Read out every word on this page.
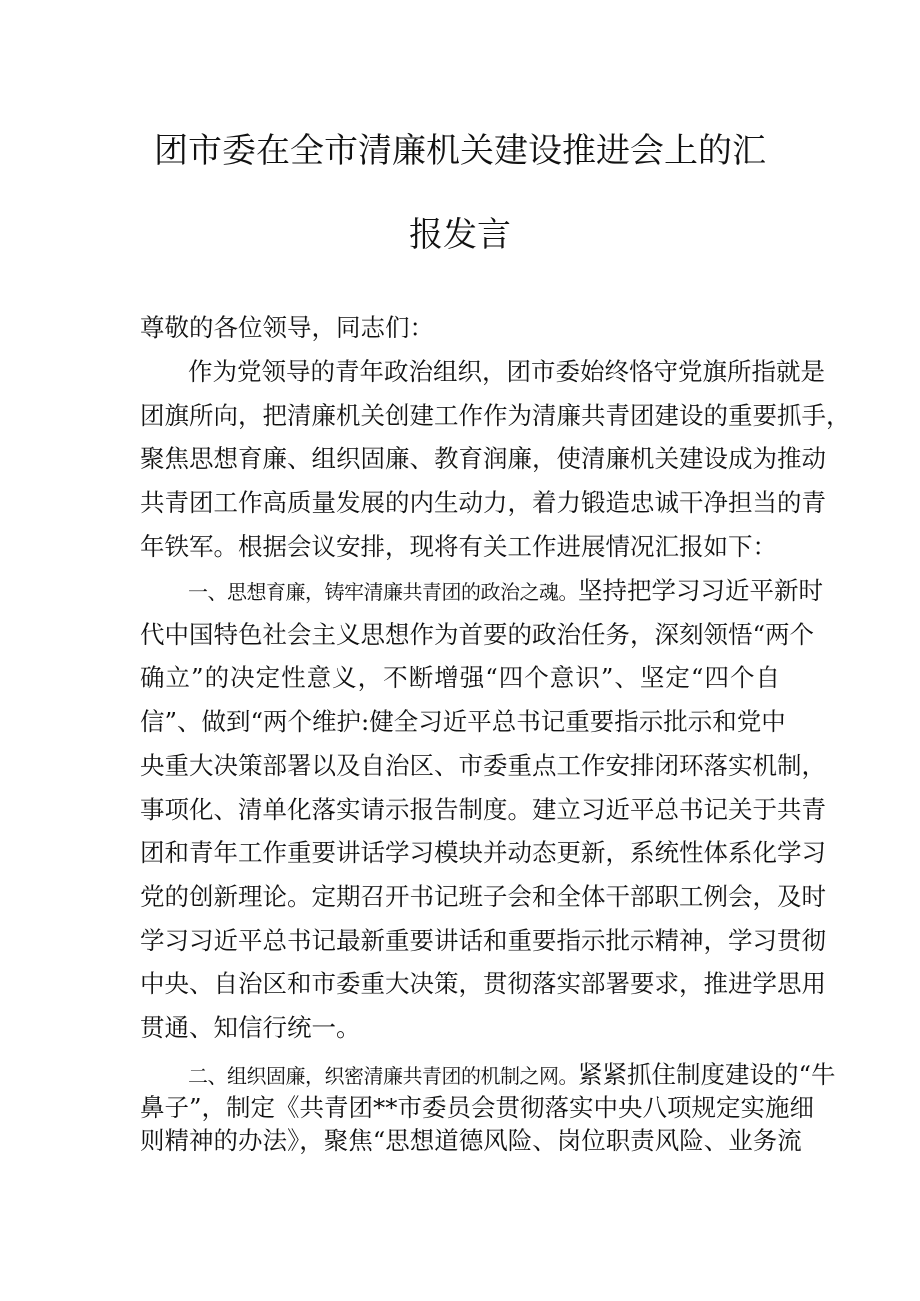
团市委在全市清廉机关建设推进会上的汇
报发言
尊敬的各位领导，同志们：
作为党领导的青年政治组织，团市委始终恪守党旗所指就是
团旗所向，把清廉机关创建工作作为清廉共青团建设的重要抓手，
聚焦思想育廉、组织固廉、教育润廉，使清廉机关建设成为推动
共青团工作高质量发展的内生动力，着力锻造忠诚干净担当的青
年铁军。根据会议安排，现将有关工作进展情况汇报如下：
一、思想育廉，铸牢清廉共青团的政治之魂。坚持把学习习近平新时
代中国特色社会主义思想作为首要的政治任务，深刻领悟“两个
确立”的决定性意义，不断增强“四个意识”、坚定“四个自
信”、做到“两个维护:健全习近平总书记重要指示批示和党中
央重大决策部署以及自治区、市委重点工作安排闭环落实机制，
事项化、清单化落实请示报告制度。建立习近平总书记关于共青
团和青年工作重要讲话学习模块并动态更新，系统性体系化学习
党的创新理论。定期召开书记班子会和全体干部职工例会，及时
学习习近平总书记最新重要讲话和重要指示批示精神，学习贯彻
中央、自治区和市委重大决策，贯彻落实部署要求，推进学思用
贯通、知信行统一。
二、组织固廉，织密清廉共青团的机制之网。紧紧抓住制度建设的“牛
鼻子”，制定《共青团**市委员会贯彻落实中央八项规定实施细
则精神的办法》，聚焦“思想道德风险、岗位职责风险、业务流
